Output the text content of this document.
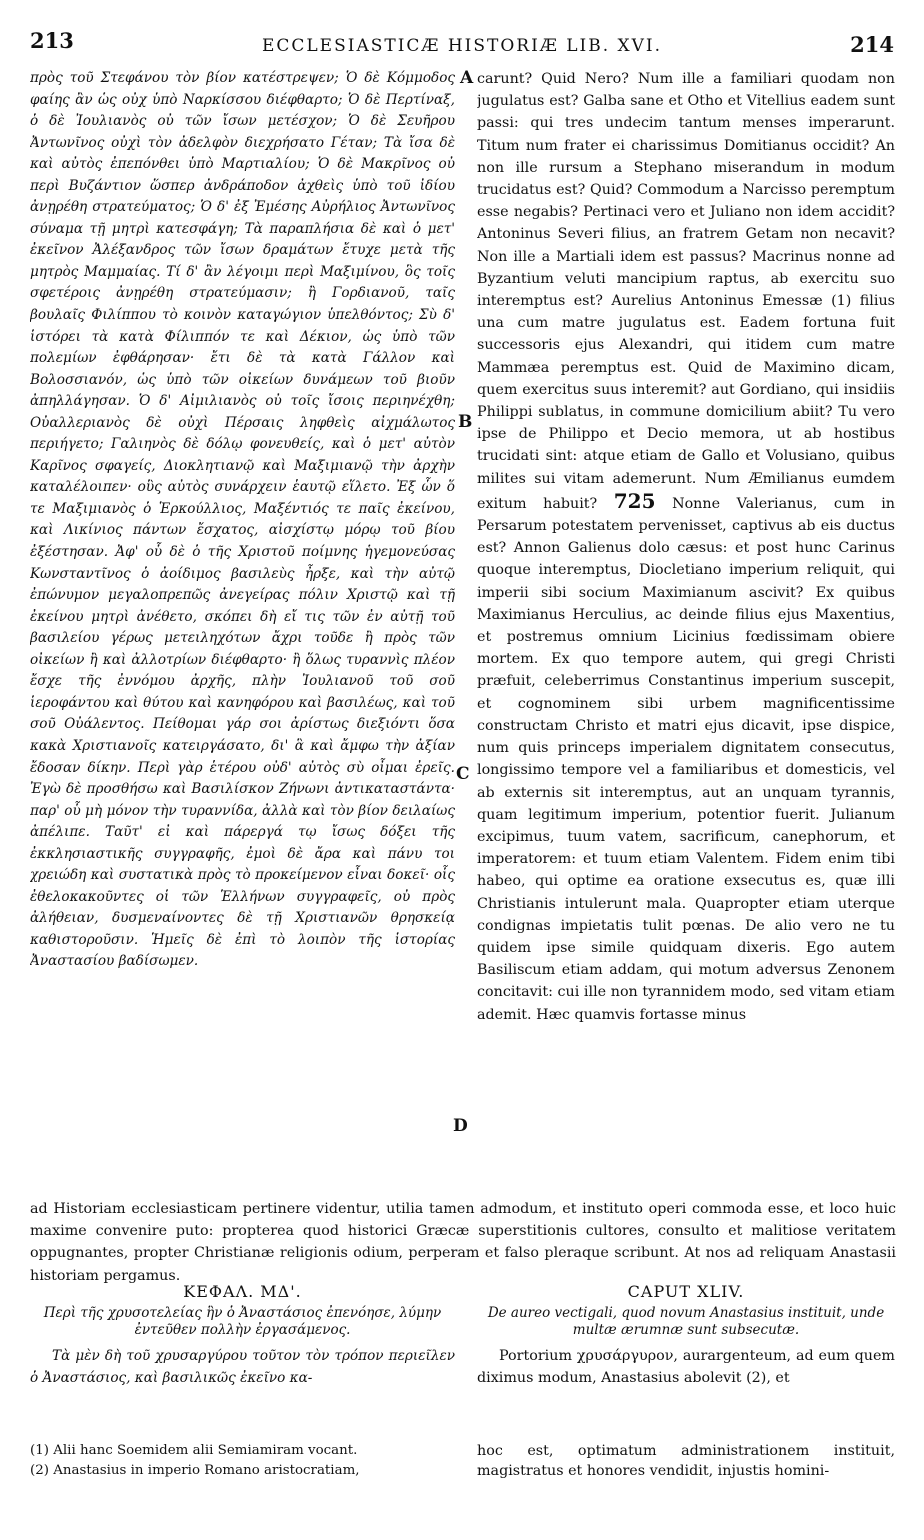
213	ECCLESIASTICÆ HISTORIÆ LIB. XVI.	214

πρὸς τοῦ Στεφάνου τὸν βίον κατέστρεψεν; Ὁ δὲ Κόμμοδος φαίης ἂν ὡς οὐχ ὑπὸ Ναρκίσσου διέφθαρτο; Ὁ δὲ Περτίναξ, ὁ δὲ Ἰουλιανὸς οὐ τῶν ἴσων μετέσχον; Ὁ δὲ Σευῆρου Ἀντωνῖνος οὐχὶ τὸν ἀδελφὸν διεχρήσατο Γέταν; Τὰ ἴσα δὲ καὶ αὐτὸς ἐπεπόνθει ὑπὸ Μαρτιαλίου; Ὁ δὲ Μακρῖνος οὐ περὶ Βυζάντιον ὥσπερ ἀνδράποδον ἀχθεὶς ὑπὸ τοῦ ἰδίου ἀνῃρέθη στρατεύματος; Ὁ δ' ἐξ Ἐμέσης Αὐρήλιος Ἀντωνῖνος σύναμα τῇ μητρὶ κατεσφάγη; Τὰ παραπλήσια δὲ καὶ ὁ μετ' ἐκεῖνον Ἀλέξανδρος τῶν ἴσων δραμάτων ἔτυχε μετὰ τῆς μητρὸς Μαμμαίας. Τί δ' ἂν λέγοιμι περὶ Μαξιμίνου, ὃς τοῖς σφετέροις ἀνῃρέθη στρατεύμασιν; ἢ Γορδιανοῦ, ταῖς βουλαῖς Φιλίππου τὸ κοινὸν καταγώγιον ὑπελθόντος; Σὺ δ' ἱστόρει τὰ κατὰ Φίλιππόν τε καὶ Δέκιον, ὡς ὑπὸ τῶν πολεμίων ἐφθάρησαν· ἔτι δὲ τὰ κατὰ Γάλλον καὶ Βολοσσιανόν, ὡς ὑπὸ τῶν οἰκείων δυνάμεων τοῦ βιοῦν ἀπηλλάγησαν. Ὁ δ' Αἰμιλιανὸς οὐ τοῖς ἴσοις περιηνέχθη; Οὐαλλεριανὸς δὲ οὐχὶ Πέρσαις ληφθεὶς αἰχμάλωτος περιήγετο; Γαλιηνὸς δὲ δόλῳ φονευθείς, καὶ ὁ μετ' αὐτὸν Καρῖνος σφαγείς, Διοκλητιανῷ καὶ Μαξιμιανῷ τὴν ἀρχὴν καταλέλοιπεν· οὓς αὐτὸς συνάρχειν ἑαυτῷ εἵλετο. Ἐξ ὧν ὅ τε Μαξιμιανὸς ὁ Ἑρκούλλιος, Μαξέντιός τε παῖς ἐκείνου, καὶ Λικίνιος πάντων ἔσχατος, αἰσχίστῳ μόρῳ τοῦ βίου ἐξέστησαν. Ἀφ' οὗ δὲ ὁ τῆς Χριστοῦ ποίμνης ἡγεμονεύσας Κωνσταντῖνος ὁ ἀοίδιμος βασιλεὺς ἦρξε, καὶ τὴν αὐτῷ ἐπώνυμον μεγαλοπρεπῶς ἀνεγείρας πόλιν Χριστῷ καὶ τῇ ἐκείνου μητρὶ ἀνέθετο, σκόπει δὴ εἴ τις τῶν ἐν αὐτῇ τοῦ βασιλείου γέρως μετειληχότων ἄχρι τοῦδε ἢ πρὸς τῶν οἰκείων ἢ καὶ ἀλλοτρίων διέφθαρτο· ἢ ὅλως τυραννὶς πλέον ἔσχε τῆς ἐννόμου ἀρχῆς, πλὴν Ἰουλιανοῦ τοῦ σοῦ ἱεροφάντου καὶ θύτου καὶ κανηφόρου καὶ βασιλέως, καὶ τοῦ σοῦ Οὐάλεντος. Πείθομαι γάρ σοι ἀρίστως διεξιόντι ὅσα κακὰ Χριστιανοῖς κατειργάσατο, δι' ἃ καὶ ἄμφω τὴν ἀξίαν ἔδοσαν δίκην. Περὶ γὰρ ἑτέρου οὐδ' αὐτὸς σὺ οἶμαι ἐρεῖς. Ἐγὼ δὲ προσθήσω καὶ Βασιλίσκον Ζήνωνι ἀντικαταστάντα· παρ' οὗ μὴ μόνον τὴν τυραννίδα, ἀλλὰ καὶ τὸν βίον δειλαίως ἀπέλιπε. Ταῦτ' εἰ καὶ πάρεργά τῳ ἴσως δόξει τῆς ἐκκλησιαστικῆς συγγραφῆς, ἐμοὶ δὲ ἄρα καὶ πάνυ τοι χρειώδη καὶ συστατικὰ πρὸς τὸ προκείμενον εἶναι δοκεῖ· οἷς ἐθελοκακοῦντες οἱ τῶν Ἑλλήνων συγγραφεῖς, οὐ πρὸς ἀλήθειαν, δυσμεναίνοντες δὲ τῇ Χριστιανῶν θρησκείᾳ καθιστοροῦσιν. Ἡμεῖς δὲ ἐπὶ τὸ λοιπὸν τῆς ἱστορίας Ἀναστασίου βαδίσωμεν.

carunt? Quid Nero? Num ille a familiari quodam non jugulatus est? Galba sane et Otho et Vitellius eadem sunt passi: qui tres undecim tantum menses imperarunt. Titum num frater ei charissimus Domitianus occidit? An non ille rursum a Stephano miserandum in modum trucidatus est? Quid? Commodum a Narcisso peremptum esse negabis? Pertinaci vero et Juliano non idem accidit? Antoninus Severi filius, an fratrem Getam non necavit? Non ille a Martiali idem est passus? Macrinus nonne ad Byzantium veluti mancipium raptus, ab exercitu suo interemptus est? Aurelius Antoninus Emessæ (1) filius una cum matre jugulatus est. Eadem fortuna fuit successoris ejus Alexandri, qui itidem cum matre Mammæa peremptus est. Quid de Maximino dicam, quem exercitus suus interemit? aut Gordiano, qui insidiis Philippi sublatus, in commune domicilium abiit? Tu vero ipse de Philippo et Decio memora, ut ab hostibus trucidati sint: atque etiam de Gallo et Volusiano, quibus milites sui vitam ademerunt. Num Æmilianus eumdem exitum habuit? 725 Nonne Valerianus, cum in Persarum potestatem pervenisset, captivus ab eis ductus est? Annon Galienus dolo cæsus: et post hunc Carinus quoque interemptus, Diocletiano imperium reliquit, qui imperii sibi socium Maximianum ascivit? Ex quibus Maximianus Herculius, ac deinde filius ejus Maxentius, et postremus omnium Licinius fœdissimam obiere mortem. Ex quo tempore autem, qui gregi Christi præfuit, celeberrimus Constantinus imperium suscepit, et cognominem sibi urbem magnificentissime constructam Christo et matri ejus dicavit, ipse dispice, num quis princeps imperialem dignitatem consecutus, longissimo tempore vel a familiaribus et domesticis, vel ab externis sit interemptus, aut an unquam tyrannis, quam legitimum imperium, potentior fuerit. Julianum excipimus, tuum vatem, sacrificum, canephorum, et imperatorem: et tuum etiam Valentem. Fidem enim tibi habeo, qui optime ea oratione exsecutus es, quæ illi Christianis intulerunt mala. Quapropter etiam uterque condignas impietatis tulit pœnas. De alio vero ne tu quidem ipse simile quidquam dixeris. Ego autem Basiliscum etiam addam, qui motum adversus Zenonem concitavit: cui ille non tyrannidem modo, sed vitam etiam ademit. Hæc quamvis fortasse minus

A
B
C
D

ad Historiam ecclesiasticam pertinere videntur, utilia tamen admodum, et instituto operi commoda esse, et loco huic maxime convenire puto: propterea quod historici Græcæ superstitionis cultores, consulto et malitiose veritatem oppugnantes, propter Christianæ religionis odium, perperam et falso pleraque scribunt. At nos ad reliquam Anastasii historiam pergamus.

ΚΕΦΑΛ. ΜΔ'.
Περὶ τῆς χρυσοτελείας ἣν ὁ Ἀναστάσιος ἐπενόησε, λύμην ἐντεῦθεν πολλὴν ἐργασάμενος.
CAPUT XLIV.
De aureo vectigali, quod novum Anastasius instituit, unde multæ ærumnæ sunt subsecutæ.
Τὰ μὲν δὴ τοῦ χρυσαργύρου τοῦτον τὸν τρόπον περιεῖλεν ὁ Ἀναστάσιος, καὶ βασιλικῶς ἐκεῖνο κα-
Portorium χρυσάργυρον, aurargenteum, ad eum quem diximus modum, Anastasius abolevit (2), et
(1) Alii hanc Soemidem alii Semiamiram vocant.
(2) Anastasius in imperio Romano aristocratiam,
hoc est, optimatum administrationem instituit, magistratus et honores vendidit, injustis homini-
